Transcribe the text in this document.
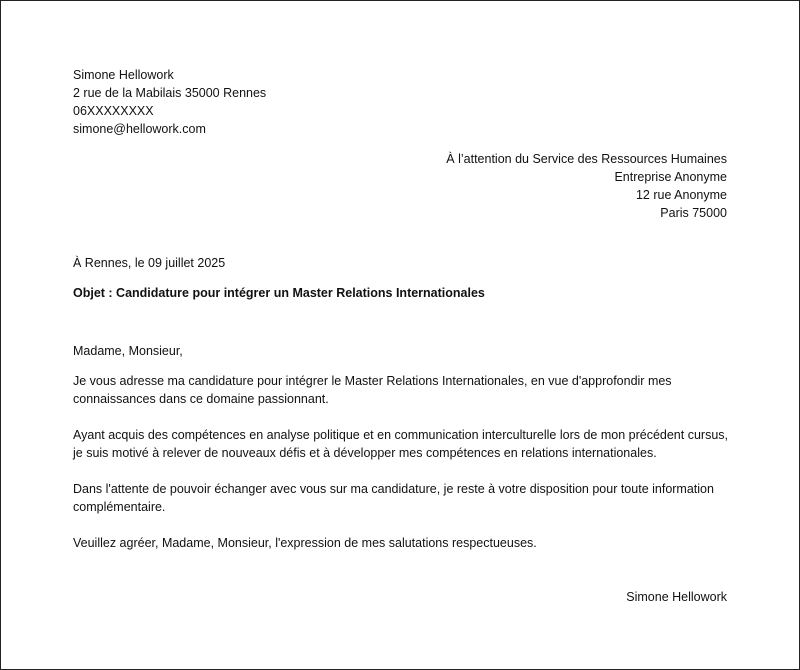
Simone Hellowork
2 rue de la Mabilais 35000 Rennes
06XXXXXXXX
simone@hellowork.com
À l’attention du Service des Ressources Humaines
Entreprise Anonyme
12 rue Anonyme
Paris 75000
À Rennes, le 09 juillet 2025
Objet : Candidature pour intégrer un Master Relations Internationales

Madame, Monsieur,

Je vous adresse ma candidature pour intégrer le Master Relations Internationales, en vue d'approfondir mes connaissances dans ce domaine passionnant.

Ayant acquis des compétences en analyse politique et en communication interculturelle lors de mon précédent cursus, je suis motivé à relever de nouveaux défis et à développer mes compétences en relations internationales.

Dans l'attente de pouvoir échanger avec vous sur ma candidature, je reste à votre disposition pour toute information complémentaire.

Veuillez agréer, Madame, Monsieur, l'expression de mes salutations respectueuses.

Simone Hellowork
